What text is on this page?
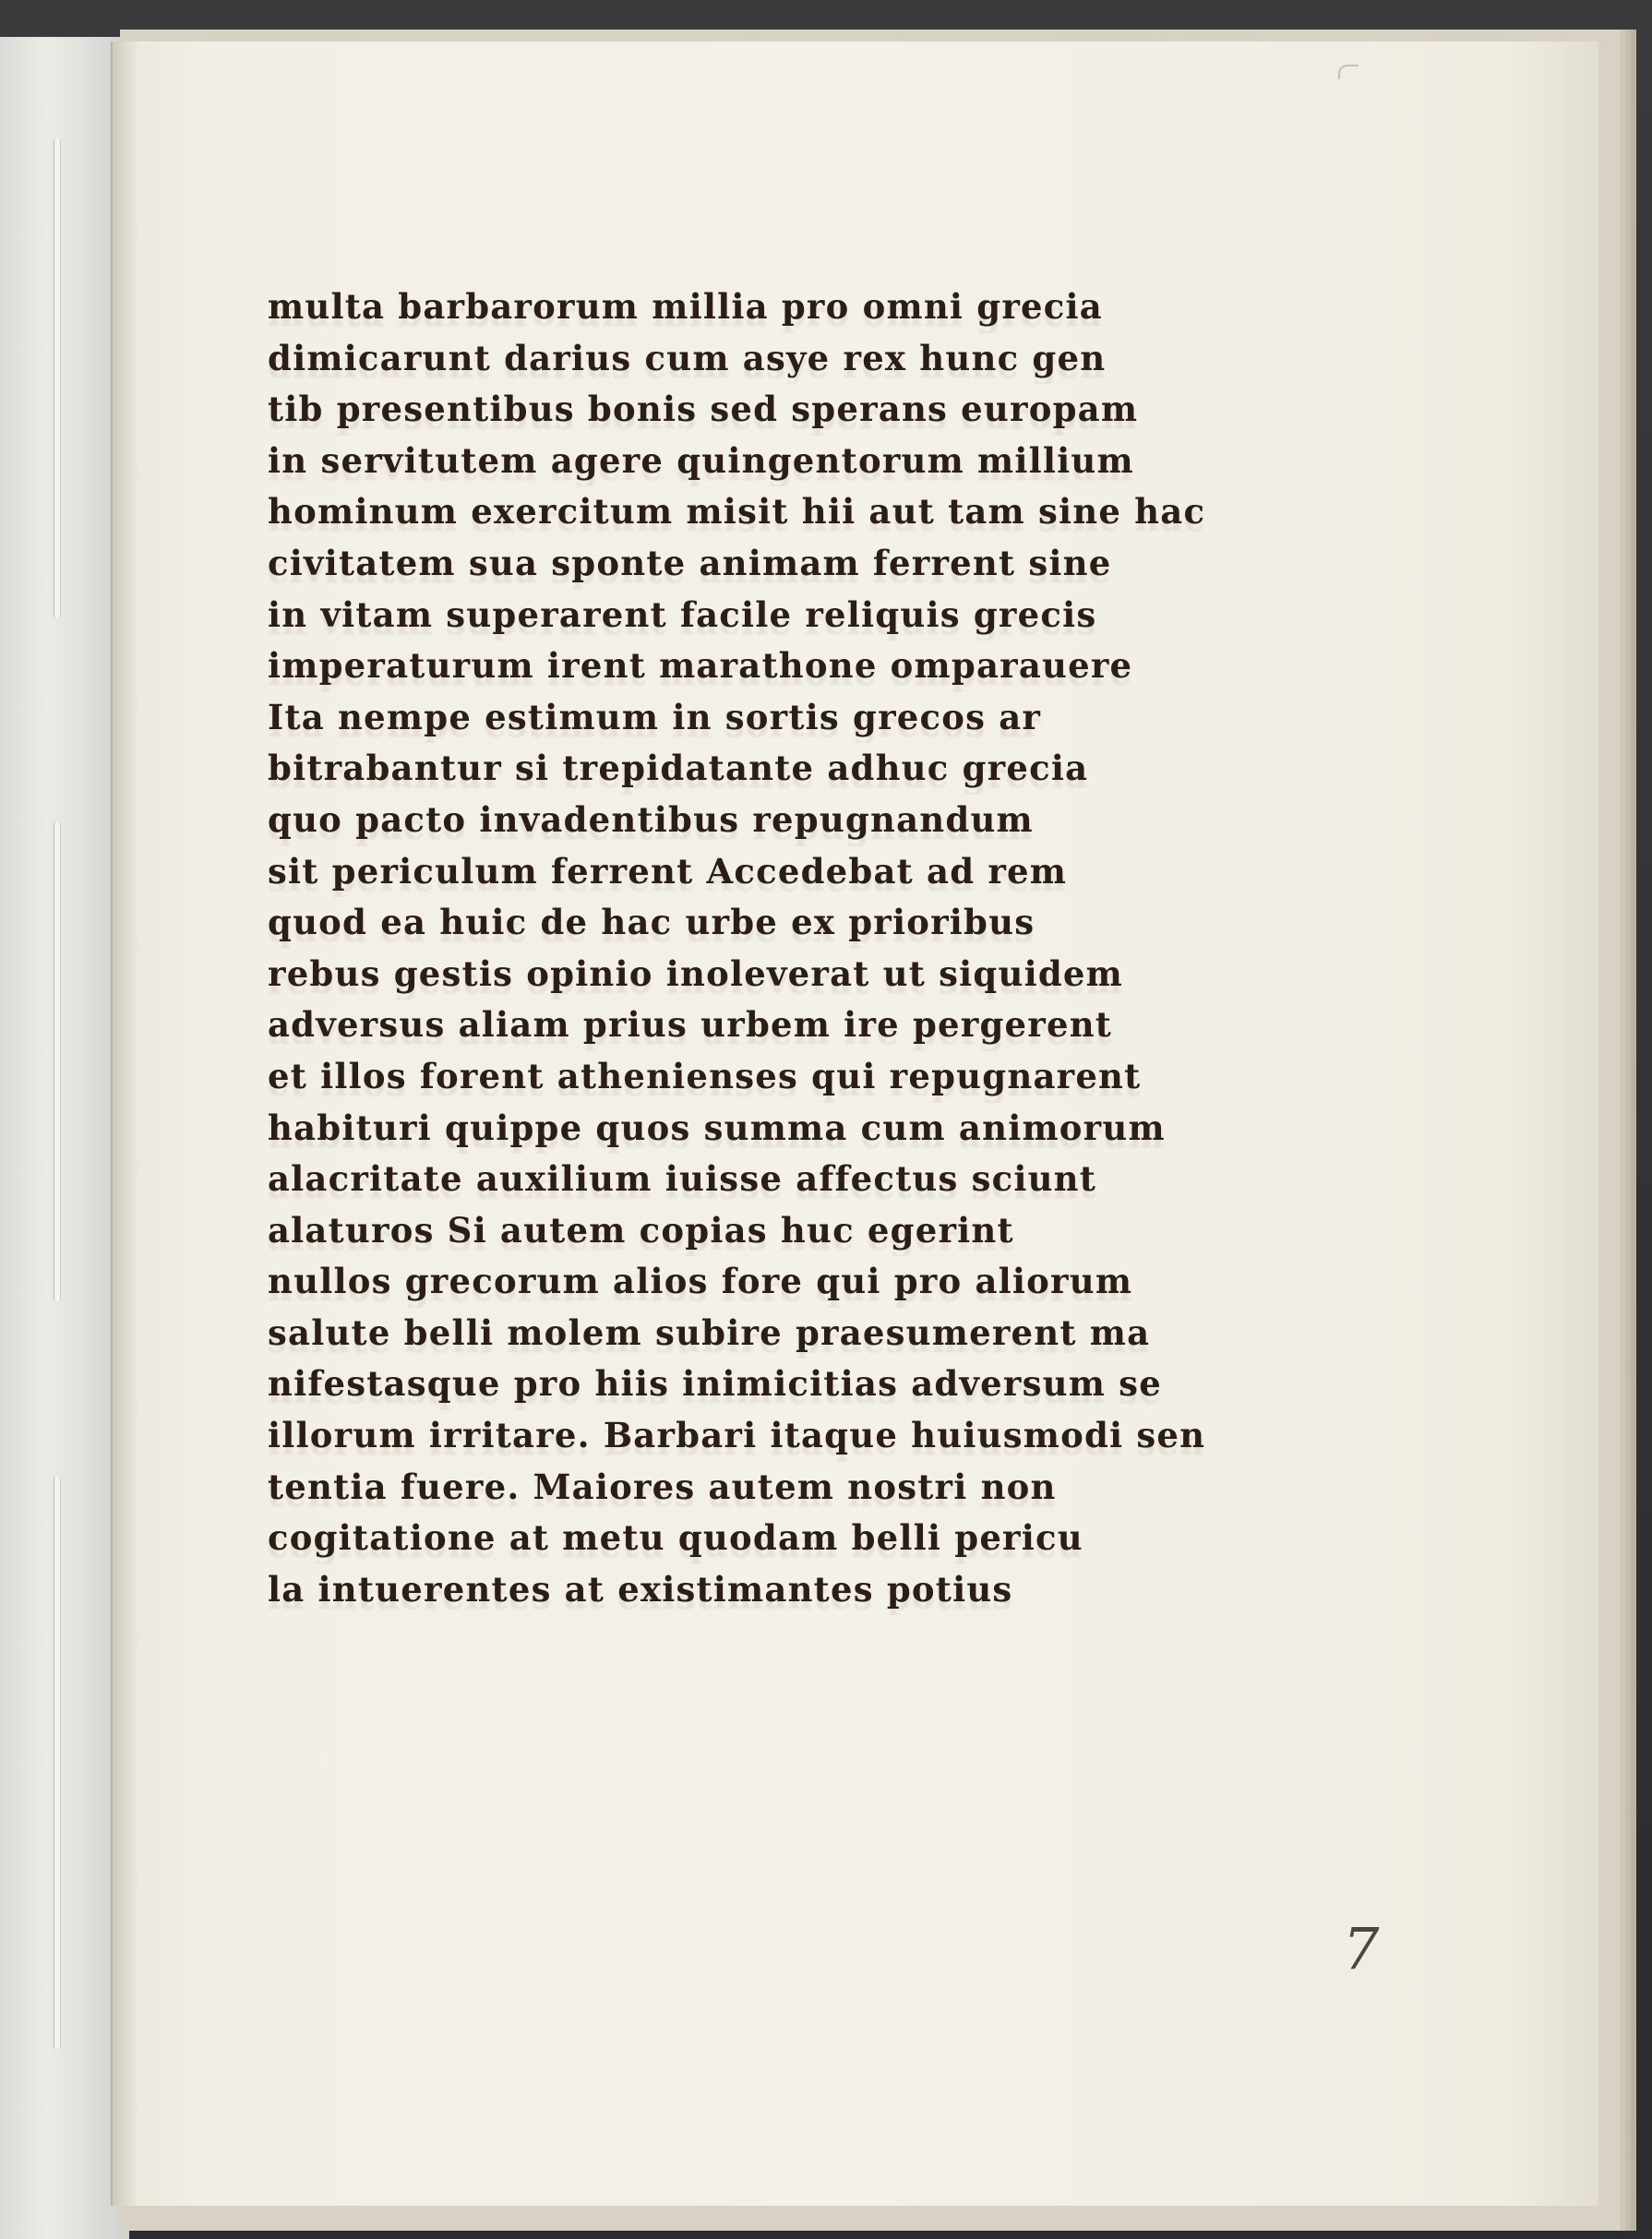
multa barbarorum millia pro omni grecia
dimicarunt darius cum asye rex hunc gen
tib presentibus bonis sed sperans europam
in servitutem agere quingentorum millium
hominum exercitum misit hii aut tam sine hac
civitatem sua sponte animam ferrent sine
in vitam superarent facile reliquis grecis
imperaturum irent marathone omparauere
Ita nempe estimum in sortis grecos ar
bitrabantur si trepidatante adhuc grecia
quo pacto invadentibus repugnandum
sit periculum ferrent Accedebat ad rem
quod ea huic de hac urbe ex prioribus
rebus gestis opinio inoleverat ut siquidem
adversus aliam prius urbem ire pergerent
et illos forent athenienses qui repugnarent
habituri quippe quos summa cum animorum
alacritate auxilium iuisse affectus sciunt
alaturos Si autem copias huc egerint
nullos grecorum alios fore qui pro aliorum
salute belli molem subire praesumerent ma
nifestasque pro hiis inimicitias adversum se
illorum irritare. Barbari itaque huiusmodi sen
tentia fuere. Maiores autem nostri non
cogitatione at metu quodam belli pericu
la intuerentes at existimantes potius
7
